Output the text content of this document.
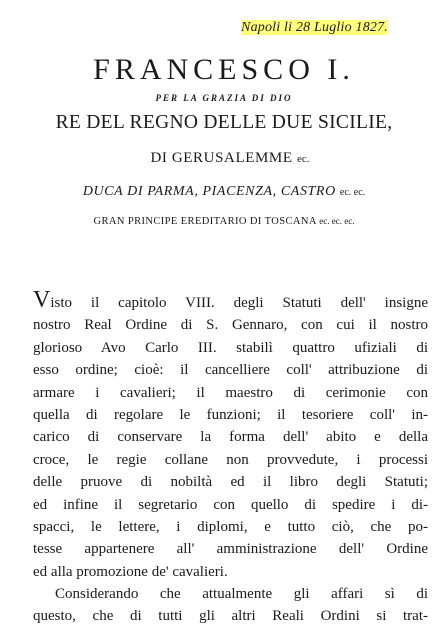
Napoli li 28 Luglio 1827.
FRANCESCO I.
PER LA GRAZIA DI DIO
RE DEL REGNO DELLE DUE SICILIE,
DI GERUSALEMME ec.
DUCA DI PARMA, PIACENZA, CASTRO ec. ec.
GRAN PRINCIPE EREDITARIO DI TOSCANA ec. ec. ec.
Visto il capitolo VIII. degli Statuti dell' insigne
nostro Real Ordine di S. Gennaro, con cui il nostro
glorioso Avo Carlo III. stabilì quattro ufiziali di
esso ordine; cioè: il cancelliere coll' attribuzione di
armare i cavalieri; il maestro di cerimonie con
quella di regolare le funzioni; il tesoriere coll' in-
carico di conservare la forma dell' abito e della
croce, le regie collane non provvedute, i processi
delle pruove di nobiltà ed il libro degli Statuti;
ed infine il segretario con quello di spedire i di-
spacci, le lettere, i diplomi, e tutto ciò, che po-
tesse appartenere all' amministrazione dell' Ordine
ed alla promozione de' cavalieri.
Considerando che attualmente gli affari sì di
questo, che di tutti gli altri Reali Ordini si trat-
